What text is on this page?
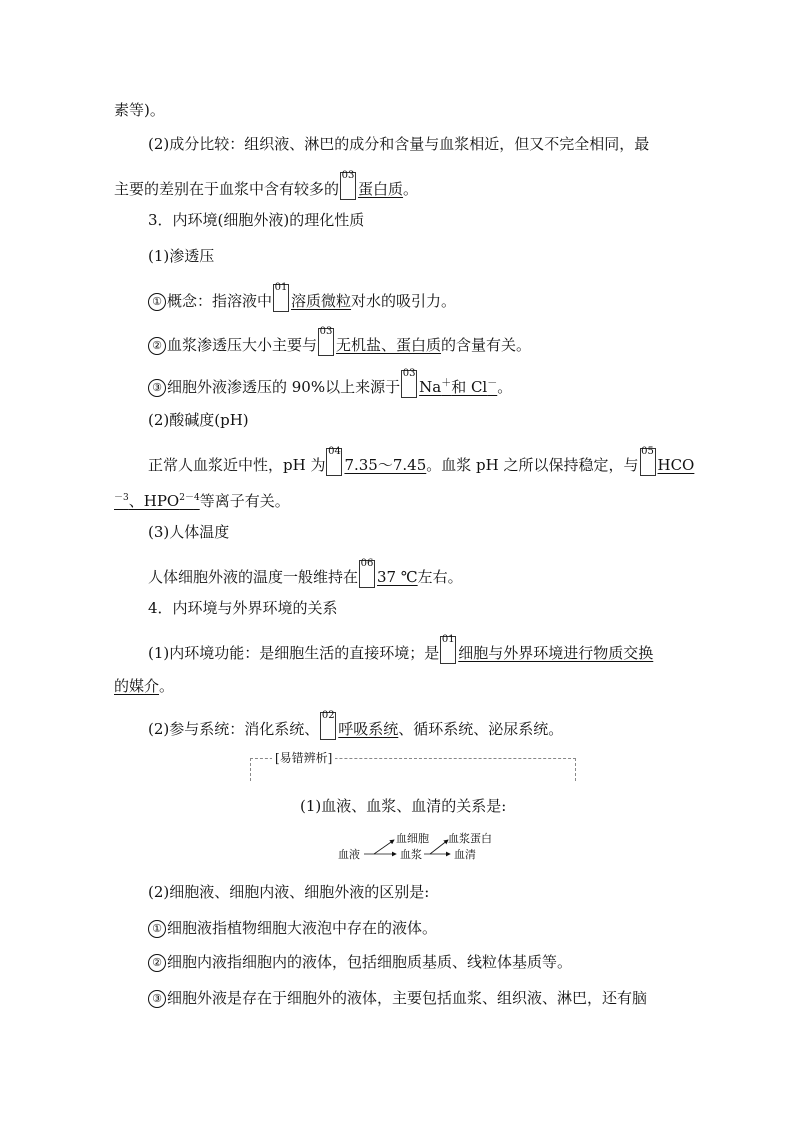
素等)。
(2)成分比较：组织液、淋巴的成分和含量与血浆相近，但又不完全相同，最
主要的差别在于血浆中含有较多的
03
蛋白质。
3．内环境(细胞外液)的理化性质
(1)渗透压
① 概念：指溶液中
01
溶质微粒对水的吸引力。
② 血浆渗透压大小主要与
03
无机盐、蛋白质的含量有关。
③ 细胞外液渗透压的 90%以上来源于
03
Na＋和 Cl－。
(2)酸碱度(pH)
正常人血浆近中性，pH 为
04
7.35～7.45。血浆 pH 之所以保持稳定，与
05
HCO
$^{-3}$、$HPO^{2-4}$等离子有关。
(3)人体温度
人体细胞外液的温度一般维持在
06
37 ℃左右。
4．内环境与外界环境的关系
(1)内环境功能：是细胞生活的直接环境；是
01
细胞与外界环境进行物质交换
的媒介。
(2)参与系统：消化系统、
02
呼吸系统、循环系统、泌尿系统。
[易错辨析]
(1)血液、血浆、血清的关系是:
血液
血细胞
血浆
血浆蛋白
血清
(2)细胞液、细胞内液、细胞外液的区别是:
① 细胞液指植物细胞大液泡中存在的液体。
② 细胞内液指细胞内的液体，包括细胞质基质、线粒体基质等。
③ 细胞外液是存在于细胞外的液体，主要包括血浆、组织液、淋巴，还有脑
